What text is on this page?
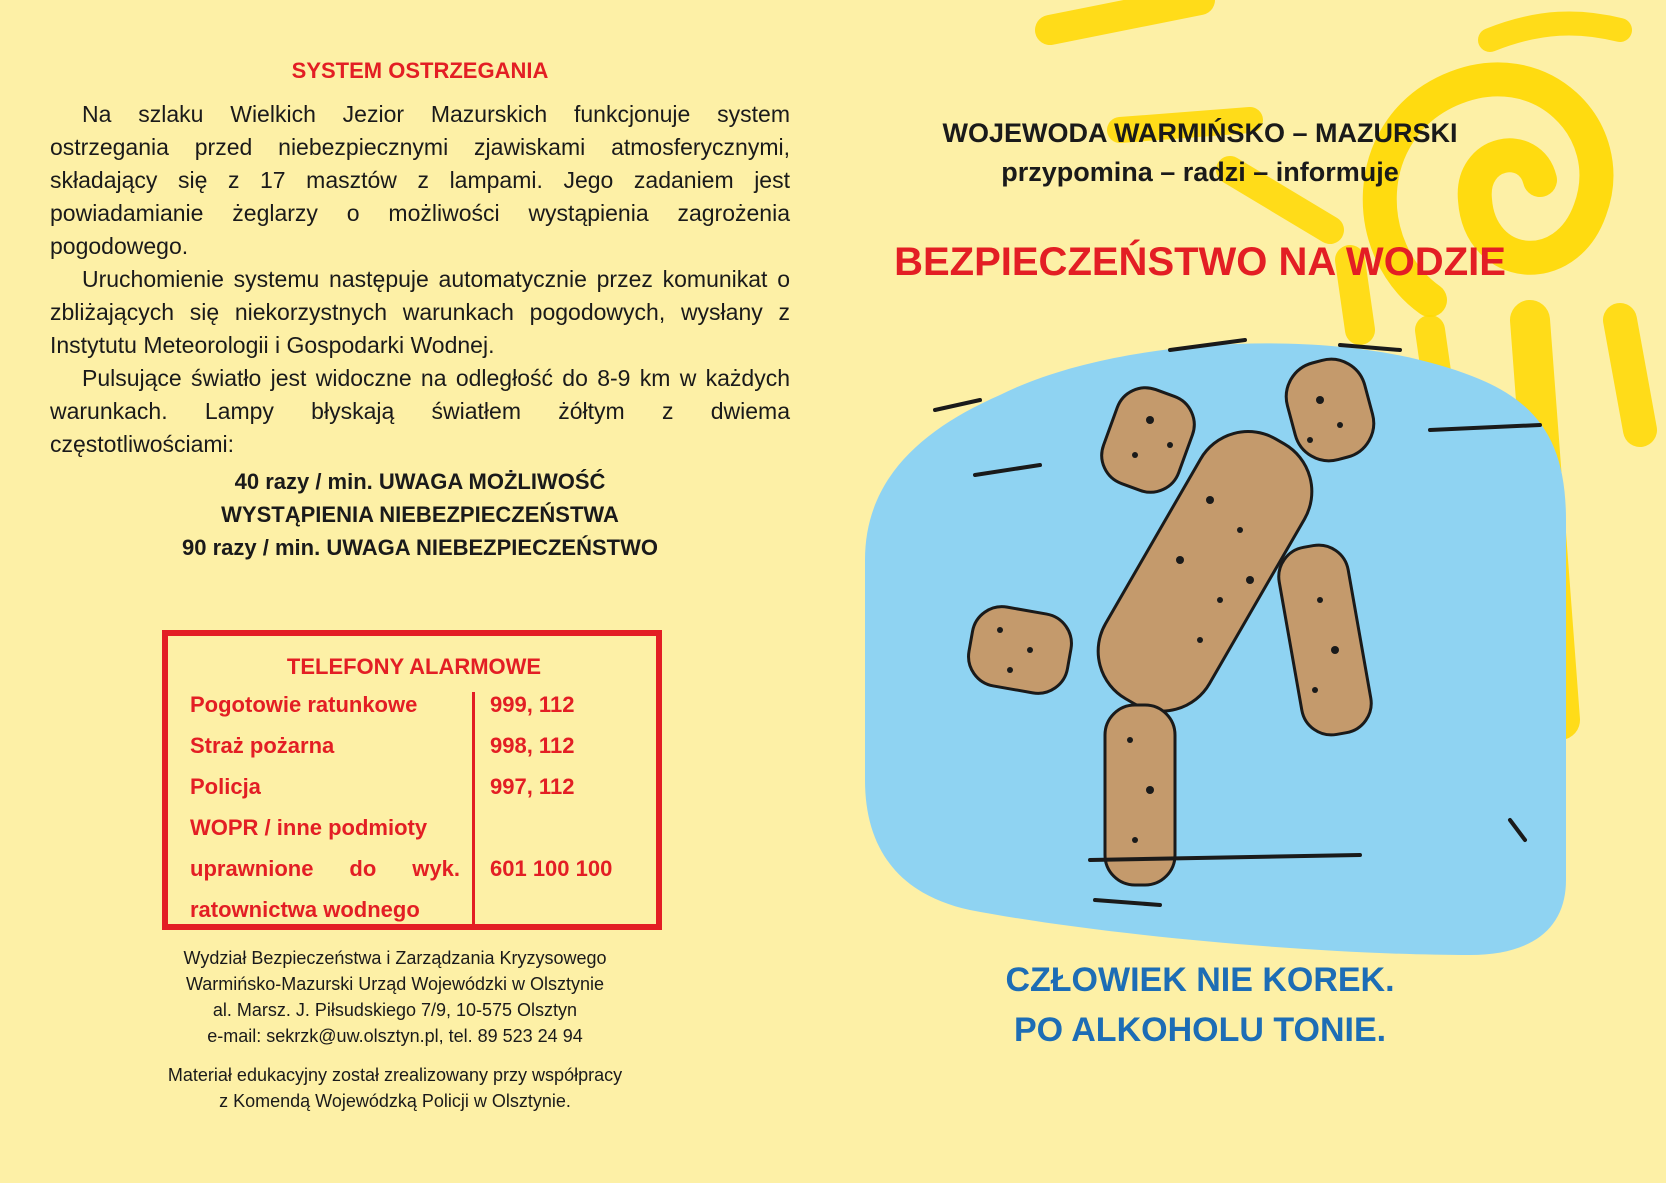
SYSTEM OSTRZEGANIA

Na szlaku Wielkich Jezior Mazurskich funkcjonuje system ostrzegania przed niebezpiecznymi zjawiskami atmosferycznymi, składający się z 17 masztów z lampami. Jego zadaniem jest powiadamianie żeglarzy o możliwości wystąpienia zagrożenia pogodowego.

Uruchomienie systemu następuje automatycznie przez komunikat o zbliżających się niekorzystnych warunkach pogodowych, wysłany z Instytutu Meteorologii i Gospodarki Wodnej.

Pulsujące światło jest widoczne na odległość do 8-9 km w każdych warunkach. Lampy błyskają światłem żółtym z dwiema częstotliwościami:

40 razy / min. UWAGA MOŻLIWOŚĆ
WYSTĄPIENIA NIEBEZPIECZEŃSTWA
90 razy / min. UWAGA NIEBEZPIECZEŃSTWO
TELEFONY ALARMOWE
Pogotowie ratunkowe	999, 112
Straż pożarna	998, 112
Policja	997, 112
WOPR / inne podmioty
uprawnione do wyk. 601 100 100
ratownictwa wodnego
Wydział Bezpieczeństwa i Zarządzania Kryzysowego
Warmińsko-Mazurski Urząd Wojewódzki w Olsztynie
al. Marsz. J. Piłsudskiego 7/9, 10-575 Olsztyn
e-mail: sekrzk@uw.olsztyn.pl, tel. 89 523 24 94
Materiał edukacyjny został zrealizowany przy współpracy
z Komendą Wojewódzką Policji w Olsztynie.
WOJEWODA WARMIŃSKO – MAZURSKI
przypomina – radzi – informuje
BEZPIECZEŃSTWO NA WODZIE
CZŁOWIEK NIE KOREK.
PO ALKOHOLU TONIE.
